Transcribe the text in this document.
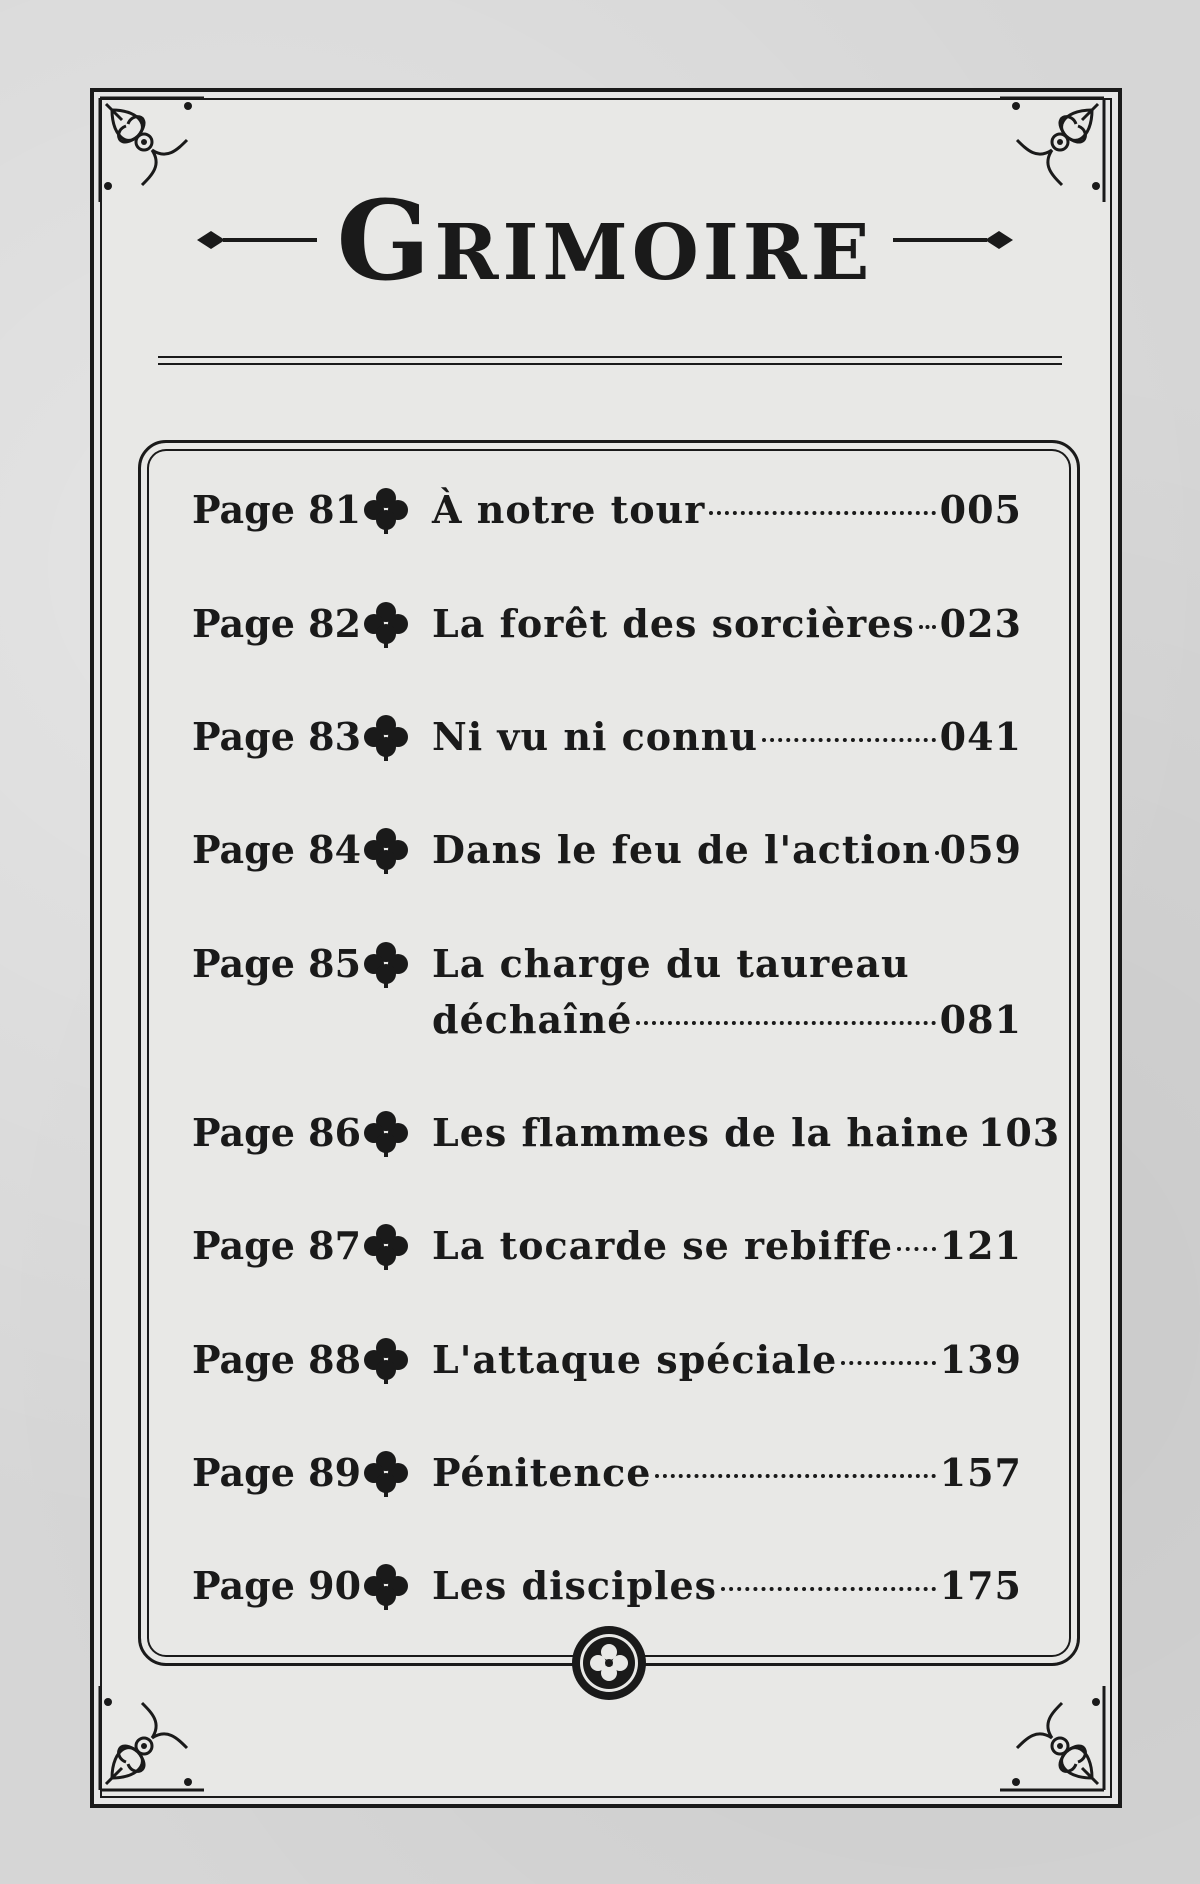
Grimoire
Page 81 À notre tour	005
Page 82 La forêt des sorcières 023
Page 83 Ni vu ni connu	041
Page 84 Dans le feu de l'action 059
Page 85 La charge du taureau
déchaîné	081
Page 86 Les flammes de la haine 103
Page 87 La tocarde se rebiffe 121
Page 88 L'attaque spéciale	139
Page 89 Pénitence	157
Page 90 Les disciples	175
